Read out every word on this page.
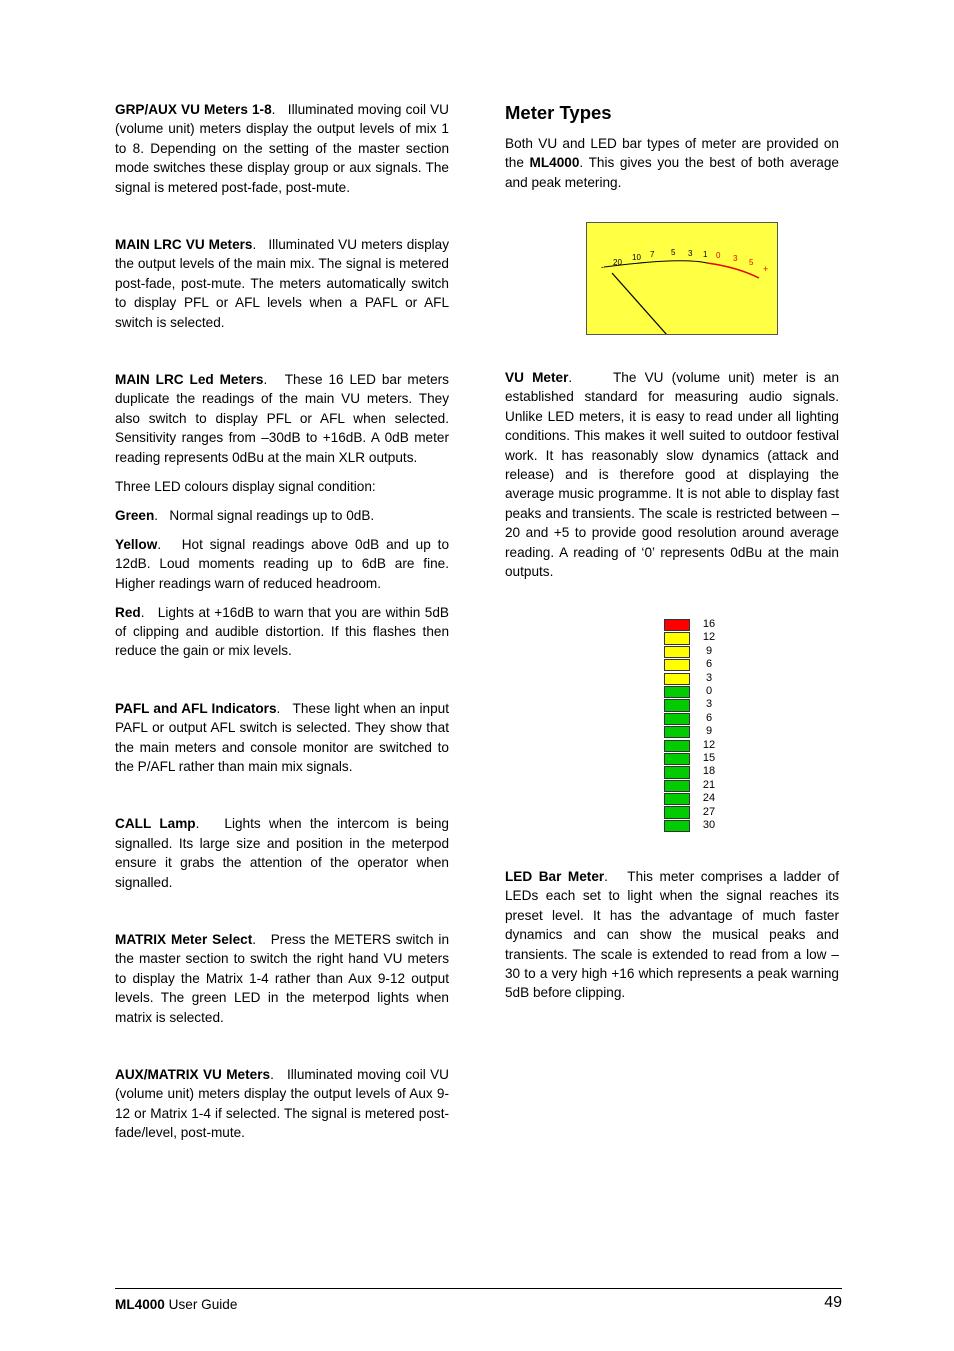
GRP/AUX VU Meters 1-8.   Illuminated moving coil VU (volume unit) meters display the output levels of mix 1 to 8. Depending on the setting of the master section mode switches these display group or aux signals. The signal is metered post-fade, post-mute.

MAIN LRC VU Meters.   Illuminated VU meters display the output levels of the main mix. The signal is metered post-fade, post-mute. The meters automatically switch to display PFL or AFL levels when a PAFL or AFL switch is selected.

MAIN LRC Led Meters.   These 16 LED bar meters duplicate the readings of the main VU meters. They also switch to display PFL or AFL when selected. Sensitivity ranges from –30dB to +16dB. A 0dB meter reading represents 0dBu at the main XLR outputs.

Three LED colours display signal condition:

Green.   Normal signal readings up to 0dB.

Yellow.   Hot signal readings above 0dB and up to 12dB. Loud moments reading up to 6dB are fine. Higher readings warn of reduced headroom.

Red.   Lights at +16dB to warn that you are within 5dB of clipping and audible distortion. If this flashes then reduce the gain or mix levels.

PAFL and AFL Indicators.   These light when an input PAFL or output AFL switch is selected. They show that the main meters and console monitor are switched to the P/AFL rather than main mix signals.

CALL Lamp.   Lights when the intercom is being signalled. Its large size and position in the meterpod ensure it grabs the attention of the operator when signalled.

MATRIX Meter Select.   Press the METERS switch in the master section to switch the right hand VU meters to display the Matrix 1-4 rather than Aux 9-12 output levels. The green LED in the meterpod lights when matrix is selected.

AUX/MATRIX VU Meters.   Illuminated moving coil VU (volume unit) meters display the output levels of Aux 9-12 or Matrix 1-4 if selected. The signal is metered post-fade/level, post-mute.

Meter Types

Both VU and LED bar types of meter are provided on the ML4000. This gives you the best of both average and peak metering.

- 20
10 7 5 3 1 0 3 5
+

VU Meter.     The VU (volume unit) meter is an established standard for measuring audio signals. Unlike LED meters, it is easy to read under all lighting conditions. This makes it well suited to outdoor festival work. It has reasonably slow dynamics (attack and release) and is therefore good at displaying the average music programme. It is not able to display fast peaks and transients. The scale is restricted between –20 and +5 to provide good resolution around average reading. A reading of ‘0’ represents 0dBu at the main outputs.

16
12
9
6
3
0
3
6
9
12
15
18
21
24
27
30

LED Bar Meter.   This meter comprises a ladder of LEDs each set to light when the signal reaches its preset level. It has the advantage of much faster dynamics and can show the musical peaks and transients. The scale is extended to read from a low –30 to a very high +16 which represents a peak warning 5dB before clipping.

ML4000 User Guide	49
